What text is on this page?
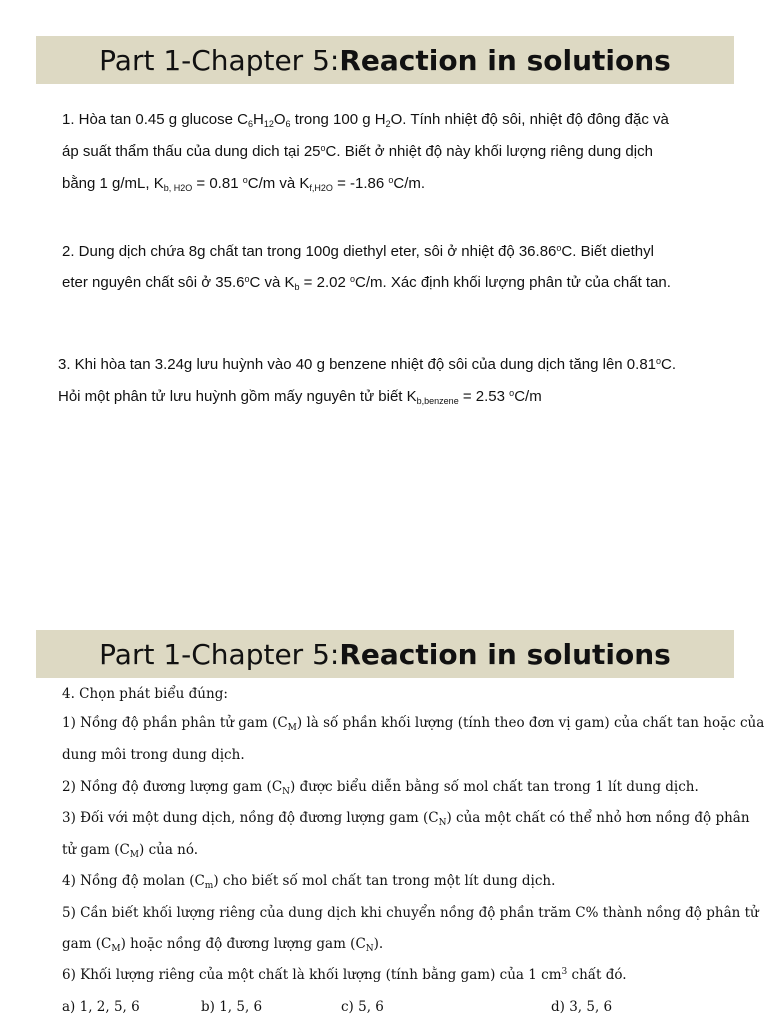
Part 1-Chapter 5: Reaction in solutions
1. Hòa tan 0.45 g glucose $C_6H_{12}O_6$ trong 100 g $H_2O$. Tính nhiệt độ sôi, nhiệt độ đông đặc và
áp suất thẩm thấu của dung dich tại 25$^o$C. Biết ở nhiệt độ này khối lượng riêng dung dịch
bằng 1 g/mL, $K_{b, H2O} = 0.81$ $^o$C/m và $K_{f,H2O} = -1.86$ $^o$C/m.
2. Dung dịch chứa 8g chất tan trong 100g diethyl eter, sôi ở nhiệt độ 36.86$^o$C. Biết diethyl
eter nguyên chất sôi ở 35.6$^o$C và $K_b = 2.02$ $^o$C/m. Xác định khối lượng phân tử của chất tan.
3. Khi hòa tan 3.24g lưu huỳnh vào 40 g benzene nhiệt độ sôi của dung dịch tăng lên 0.81$^o$C.
Hỏi một phân tử lưu huỳnh gồm mấy nguyên tử biết $K_{b,benzene} = 2.53$ $^o$C/m
Part 1-Chapter 5: Reaction in solutions
4. Chọn phát biểu đúng:
1) Nồng độ phần phân tử gam $(C_M)$ là số phần khối lượng (tính theo đơn vị gam) của chất tan hoặc của
dung môi trong dung dịch.
2) Nồng độ đương lượng gam $(C_N)$ được biểu diễn bằng số mol chất tan trong 1 lít dung dịch.
3) Đối với một dung dịch, nồng độ đương lượng gam $(C_N)$ của một chất có thể nhỏ hơn nồng độ phân
tử gam $(C_M)$ của nó.
4) Nồng độ molan $(C_m)$ cho biết số mol chất tan trong một lít dung dịch.
5) Cần biết khối lượng riêng của dung dịch khi chuyển nồng độ phần trăm C% thành nồng độ phân tử
gam $(C_M)$ hoặc nồng độ đương lượng gam $(C_N)$.
6) Khối lượng riêng của một chất là khối lượng (tính bằng gam) của 1 $cm^3$ chất đó.
a) 1, 2, 5, 6	b) 1, 5, 6	c) 5, 6	d) 3, 5, 6
